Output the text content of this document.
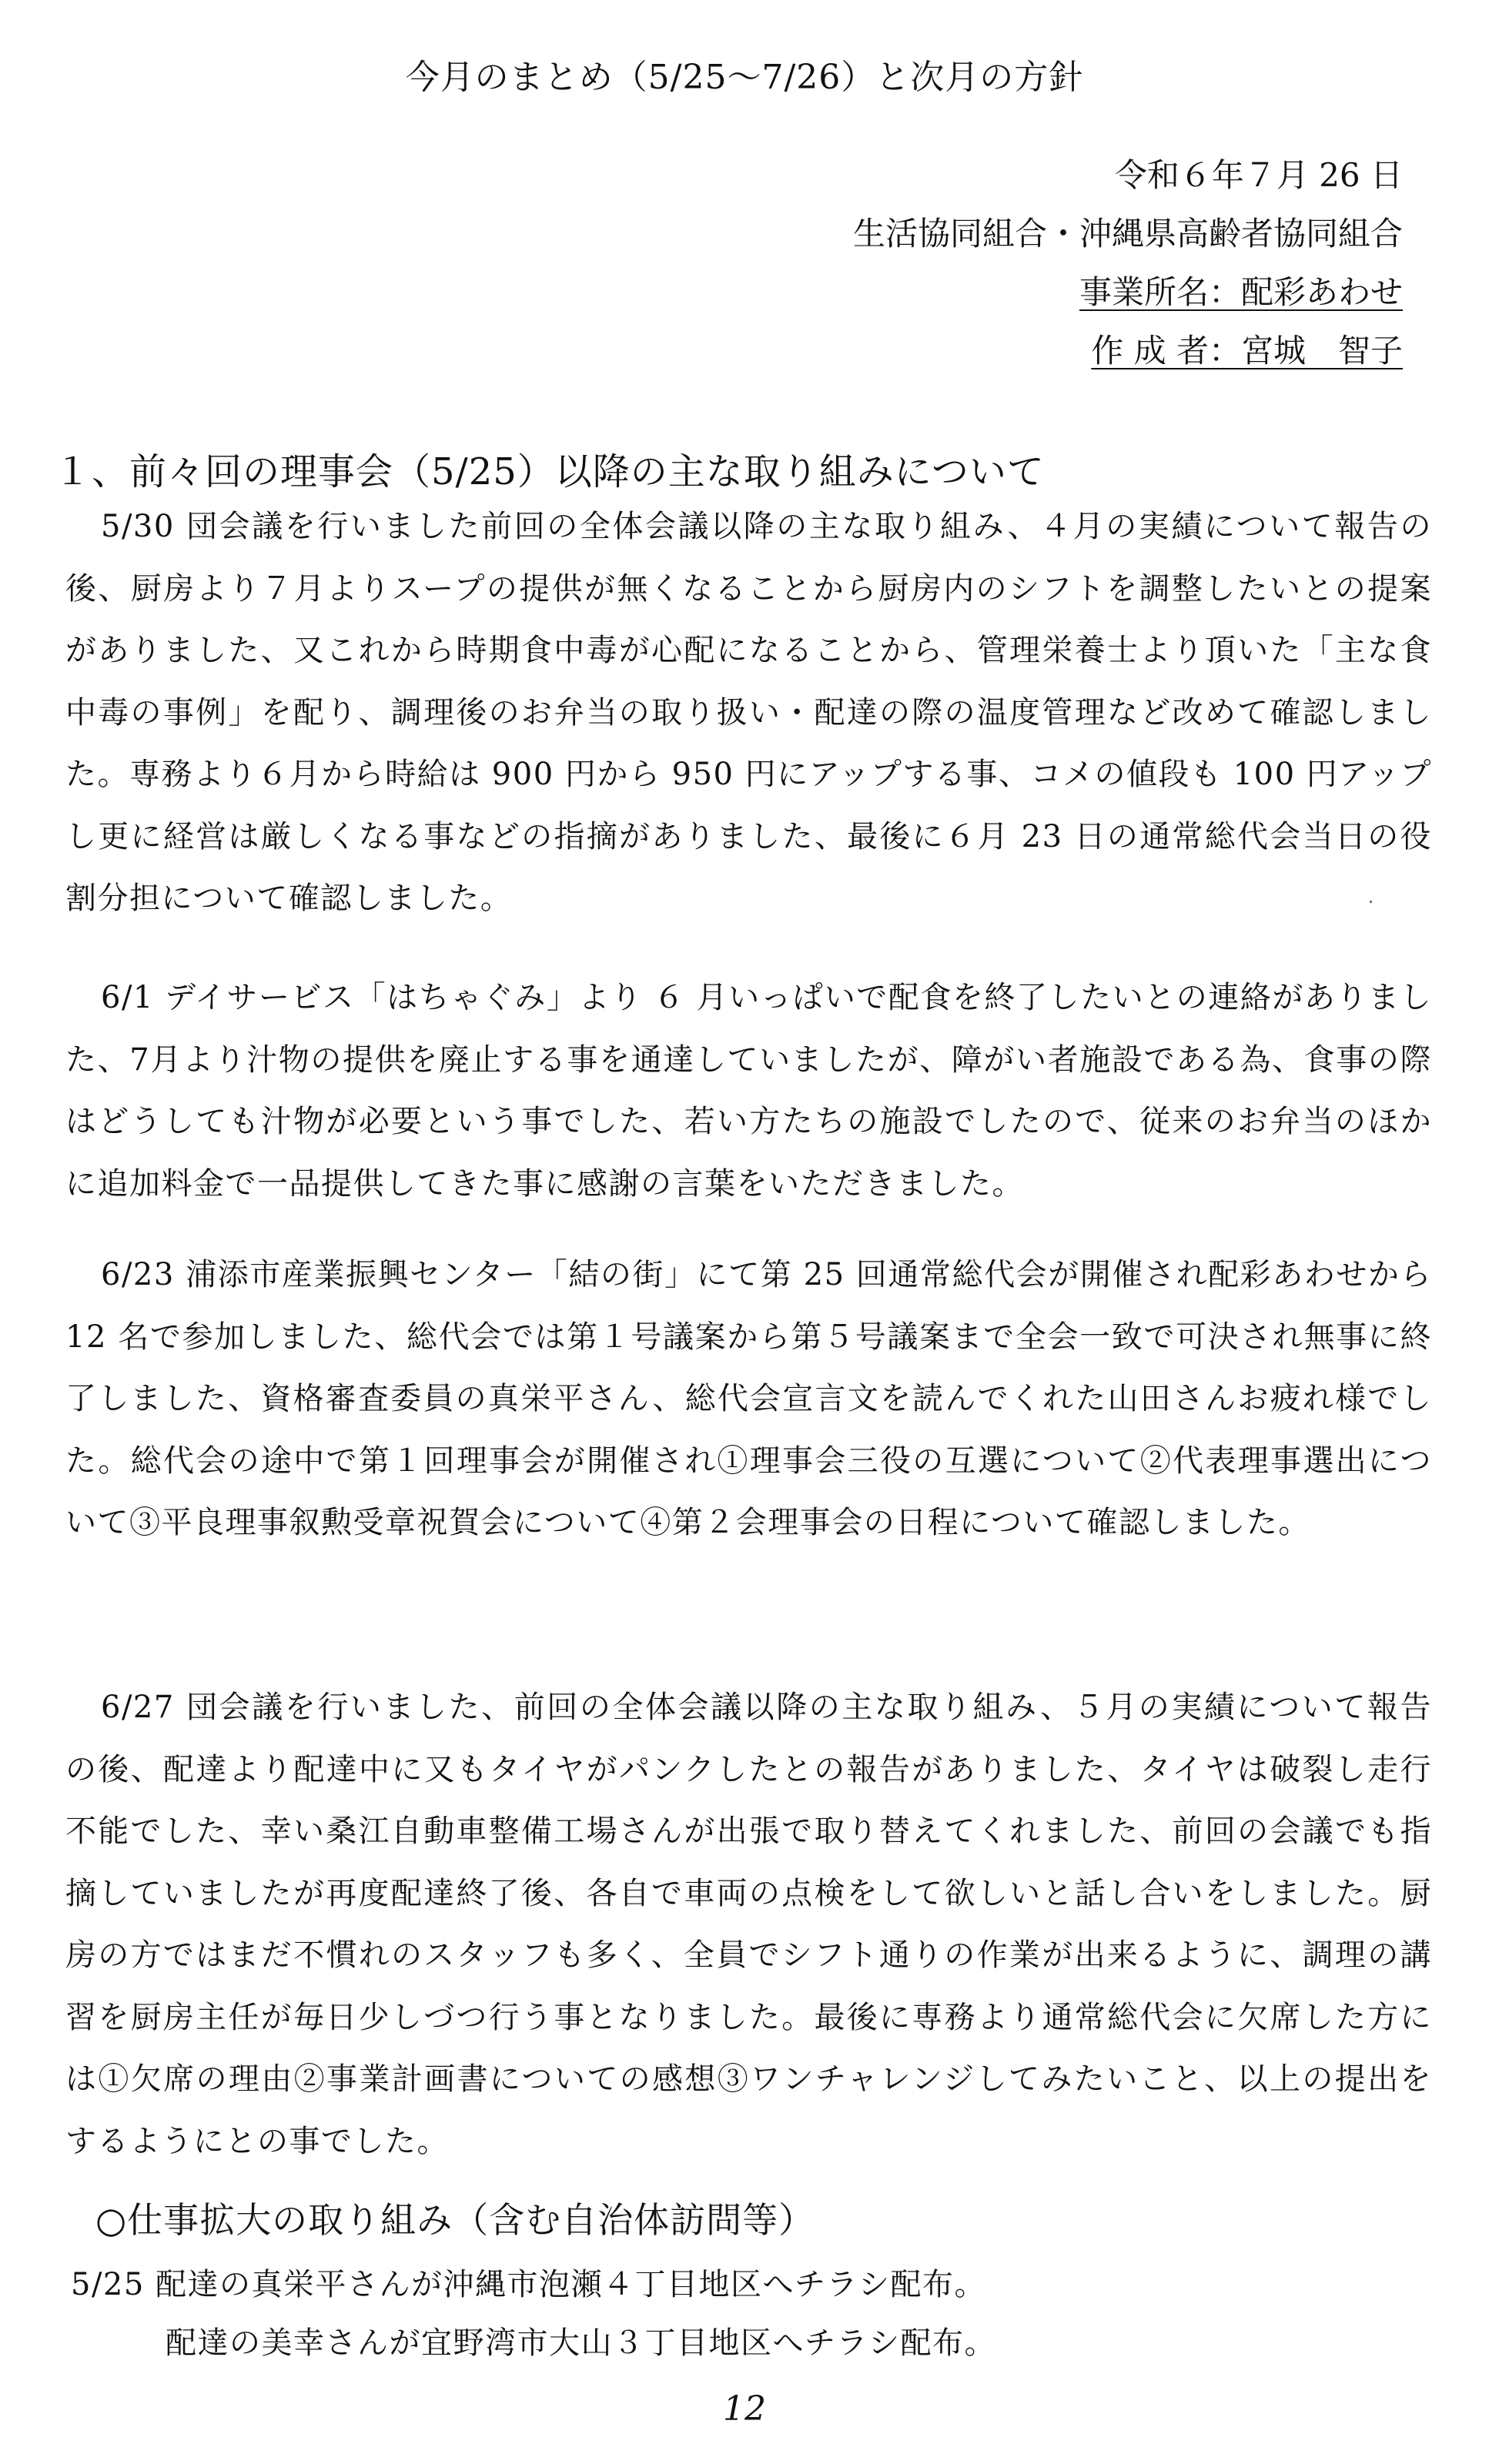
今月のまとめ（5/25〜7/26）と次月の方針
令和６年７月 26 日
生活協同組合・沖縄県高齢者協同組合
事業所名：配彩あわせ
作 成 者：宮城　智子
１、前々回の理事会（5/25）以降の主な取り組みについて

5/30 団会議を行いました前回の全体会議以降の主な取り組み、４月の実績について報告の後、厨房より７月よりスープの提供が無くなることから厨房内のシフトを調整したいとの提案がありました、又これから時期食中毒が心配になることから、管理栄養士より頂いた「主な食中毒の事例」を配り、調理後のお弁当の取り扱い・配達の際の温度管理など改めて確認しました。専務より６月から時給は 900 円から 950 円にアップする事、コメの値段も 100 円アップし更に経営は厳しくなる事などの指摘がありました、最後に６月 23 日の通常総代会当日の役割分担について確認しました。

6/1 デイサービス「はちゃぐみ」より ６ 月いっぱいで配食を終了したいとの連絡がありました、7月より汁物の提供を廃止する事を通達していましたが、障がい者施設である為、食事の際はどうしても汁物が必要という事でした、若い方たちの施設でしたので、従来のお弁当のほかに追加料金で一品提供してきた事に感謝の言葉をいただきました。

6/23 浦添市産業振興センター「結の街」にて第 25 回通常総代会が開催され配彩あわせから 12 名で参加しました、総代会では第１号議案から第５号議案まで全会一致で可決され無事に終了しました、資格審査委員の真栄平さん、総代会宣言文を読んでくれた山田さんお疲れ様でした。総代会の途中で第１回理事会が開催され①理事会三役の互選について②代表理事選出について③平良理事叙勲受章祝賀会について④第２会理事会の日程について確認しました。

6/27 団会議を行いました、前回の全体会議以降の主な取り組み、５月の実績について報告の後、配達より配達中に又もタイヤがパンクしたとの報告がありました、タイヤは破裂し走行不能でした、幸い桑江自動車整備工場さんが出張で取り替えてくれました、前回の会議でも指摘していましたが再度配達終了後、各自で車両の点検をして欲しいと話し合いをしました。厨房の方ではまだ不慣れのスタッフも多く、全員でシフト通りの作業が出来るように、調理の講習を厨房主任が毎日少しづつ行う事となりました。最後に専務より通常総代会に欠席した方には①欠席の理由②事業計画書についての感想③ワンチャレンジしてみたいこと、以上の提出をするようにとの事でした。

○仕事拡大の取り組み（含む自治体訪問等）
5/25 配達の真栄平さんが沖縄市泡瀬４丁目地区へチラシ配布。
配達の美幸さんが宜野湾市大山３丁目地区へチラシ配布。
12
